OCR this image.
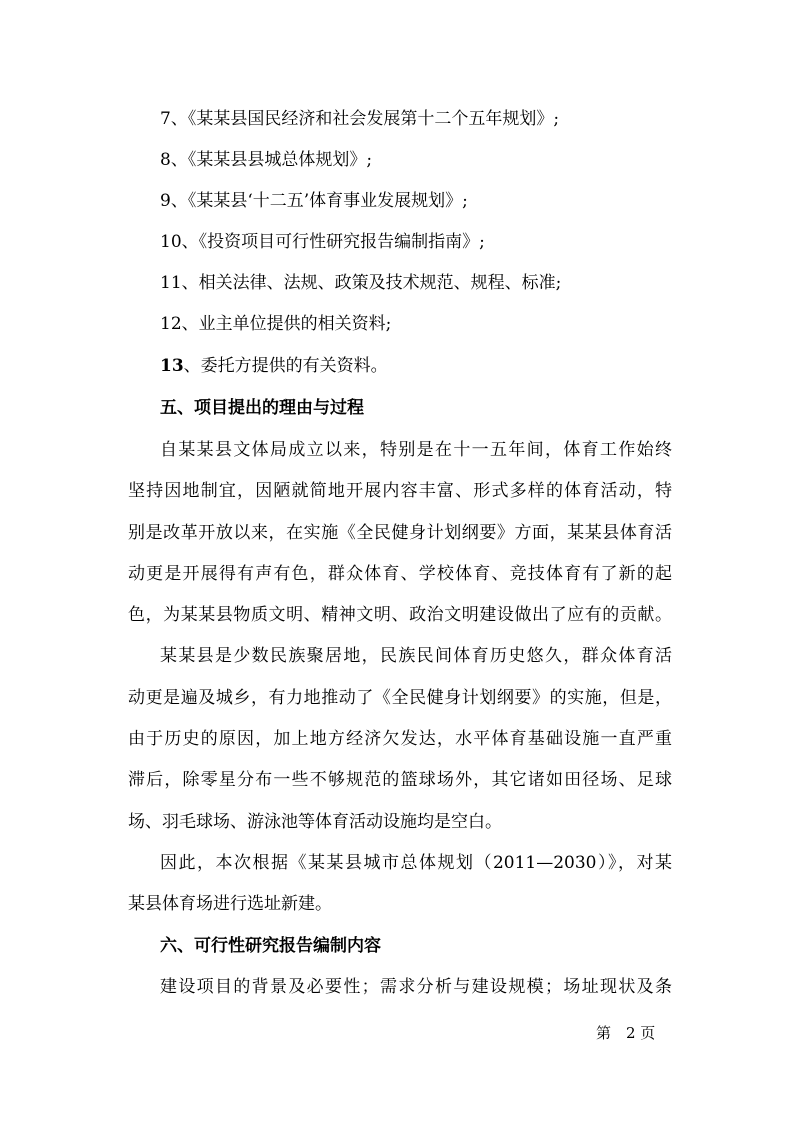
7、《某某县国民经济和社会发展第十二个五年规划》;
8、《某某县县城总体规划》;
9、《某某县‘十二五’体育事业发展规划》;
10、《投资项目可行性研究报告编制指南》;
11、相关法律、法规、政策及技术规范、规程、标准;
12、业主单位提供的相关资料;
13、委托方提供的有关资料。
五、项目提出的理由与过程
自某某县文体局成立以来，特别是在十一五年间，体育工作始终
坚持因地制宜，因陋就简地开展内容丰富、形式多样的体育活动，特
别是改革开放以来，在实施《全民健身计划纲要》方面，某某县体育活
动更是开展得有声有色，群众体育、学校体育、竞技体育有了新的起
色，为某某县物质文明、精神文明、政治文明建设做出了应有的贡献。
某某县是少数民族聚居地，民族民间体育历史悠久，群众体育活
动更是遍及城乡，有力地推动了《全民健身计划纲要》的实施，但是，
由于历史的原因，加上地方经济欠发达，水平体育基础设施一直严重
滞后，除零星分布一些不够规范的篮球场外，其它诸如田径场、足球
场、羽毛球场、游泳池等体育活动设施均是空白。
因此，本次根据《某某县城市总体规划（2011—2030）》，对某
某县体育场进行选址新建。
六、可行性研究报告编制内容
建设项目的背景及必要性；需求分析与建设规模；场址现状及条
第　2 页
